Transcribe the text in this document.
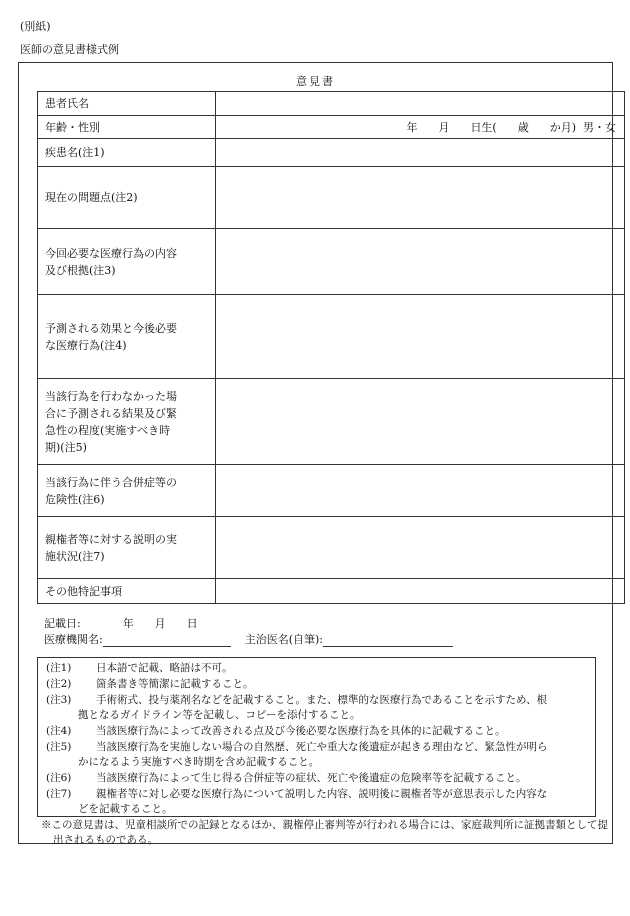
(別紙)
医師の意見書様式例
意見書
患者氏名	
年齢・性別	年 月 日生( 歳 か月) 男・女
疾患名(注1)	
現在の問題点(注2)	

今回必要な医療行為の内容
及び根拠(注3)	

予測される効果と今後必要
な医療行為(注4)	

当該行為を行わなかった場
合に予測される結果及び緊
急性の程度(実施すべき時
期)(注5)	

当該行為に伴う合併症等の
危険性(注6)	

親権者等に対する説明の実
施状況(注7)	

その他特記事項	
記載日:	年 月 日
医療機関名:	主治医名(自筆):
(注1) 日本語で記載、略語は不可。
(注2) 箇条書き等簡潔に記載すること。
(注3) 手術術式、投与薬剤名などを記載すること。また、標準的な医療行為であることを示すため、根
拠となるガイドライン等を記載し、コピーを添付すること。
(注4) 当該医療行為によって改善される点及び今後必要な医療行為を具体的に記載すること。
(注5) 当該医療行為を実施しない場合の自然歴、死亡や重大な後遺症が起きる理由など、緊急性が明ら
かになるよう実施すべき時期を含め記載すること。
(注6) 当該医療行為によって生じ得る合併症等の症状、死亡や後遺症の危険率等を記載すること。
(注7) 親権者等に対し必要な医療行為について説明した内容、説明後に親権者等が意思表示した内容な
どを記載すること。
※この意見書は、児童相談所での記録となるほか、親権停止審判等が行われる場合には、家庭裁判所に証拠書類として提出されるものである。
